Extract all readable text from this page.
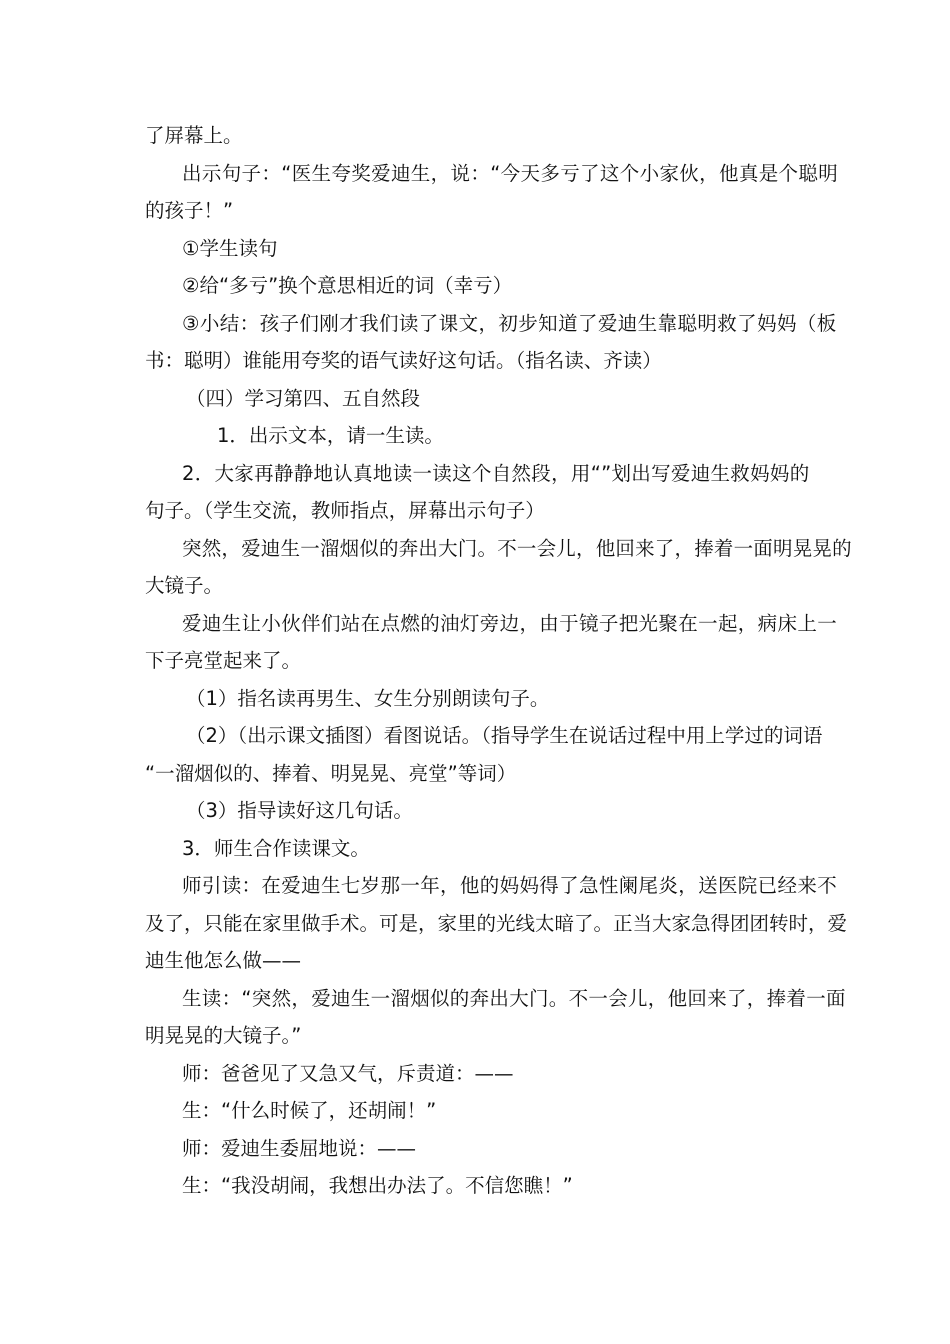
了屏幕上。
出示句子：“医生夸奖爱迪生，说：“今天多亏了这个小家伙，他真是个聪明
的孩子！”
①学生读句
②给“多亏”换个意思相近的词（幸亏）
③小结：孩子们刚才我们读了课文，初步知道了爱迪生靠聪明救了妈妈（板
书：聪明）谁能用夸奖的语气读好这句话。（指名读、齐读）
（四）学习第四、五自然段
1．出示文本，请一生读。
2．大家再静静地认真地读一读这个自然段，用“”划出写爱迪生救妈妈的
句子。（学生交流，教师指点，屏幕出示句子）
突然，爱迪生一溜烟似的奔出大门。不一会儿，他回来了，捧着一面明晃晃的
大镜子。
爱迪生让小伙伴们站在点燃的油灯旁边，由于镜子把光聚在一起，病床上一
下子亮堂起来了。
（1）指名读再男生、女生分别朗读句子。
（2）（出示课文插图）看图说话。（指导学生在说话过程中用上学过的词语
“一溜烟似的、捧着、明晃晃、亮堂”等词）
（3）指导读好这几句话。
3．师生合作读课文。
师引读：在爱迪生七岁那一年，他的妈妈得了急性阑尾炎，送医院已经来不
及了，只能在家里做手术。可是，家里的光线太暗了。正当大家急得团团转时，爱
迪生他怎么做——
生读：“突然，爱迪生一溜烟似的奔出大门。不一会儿，他回来了，捧着一面
明晃晃的大镜子。”
师：爸爸见了又急又气，斥责道：——
生：“什么时候了，还胡闹！”
师：爱迪生委屈地说：——
生：“我没胡闹，我想出办法了。不信您瞧！”
